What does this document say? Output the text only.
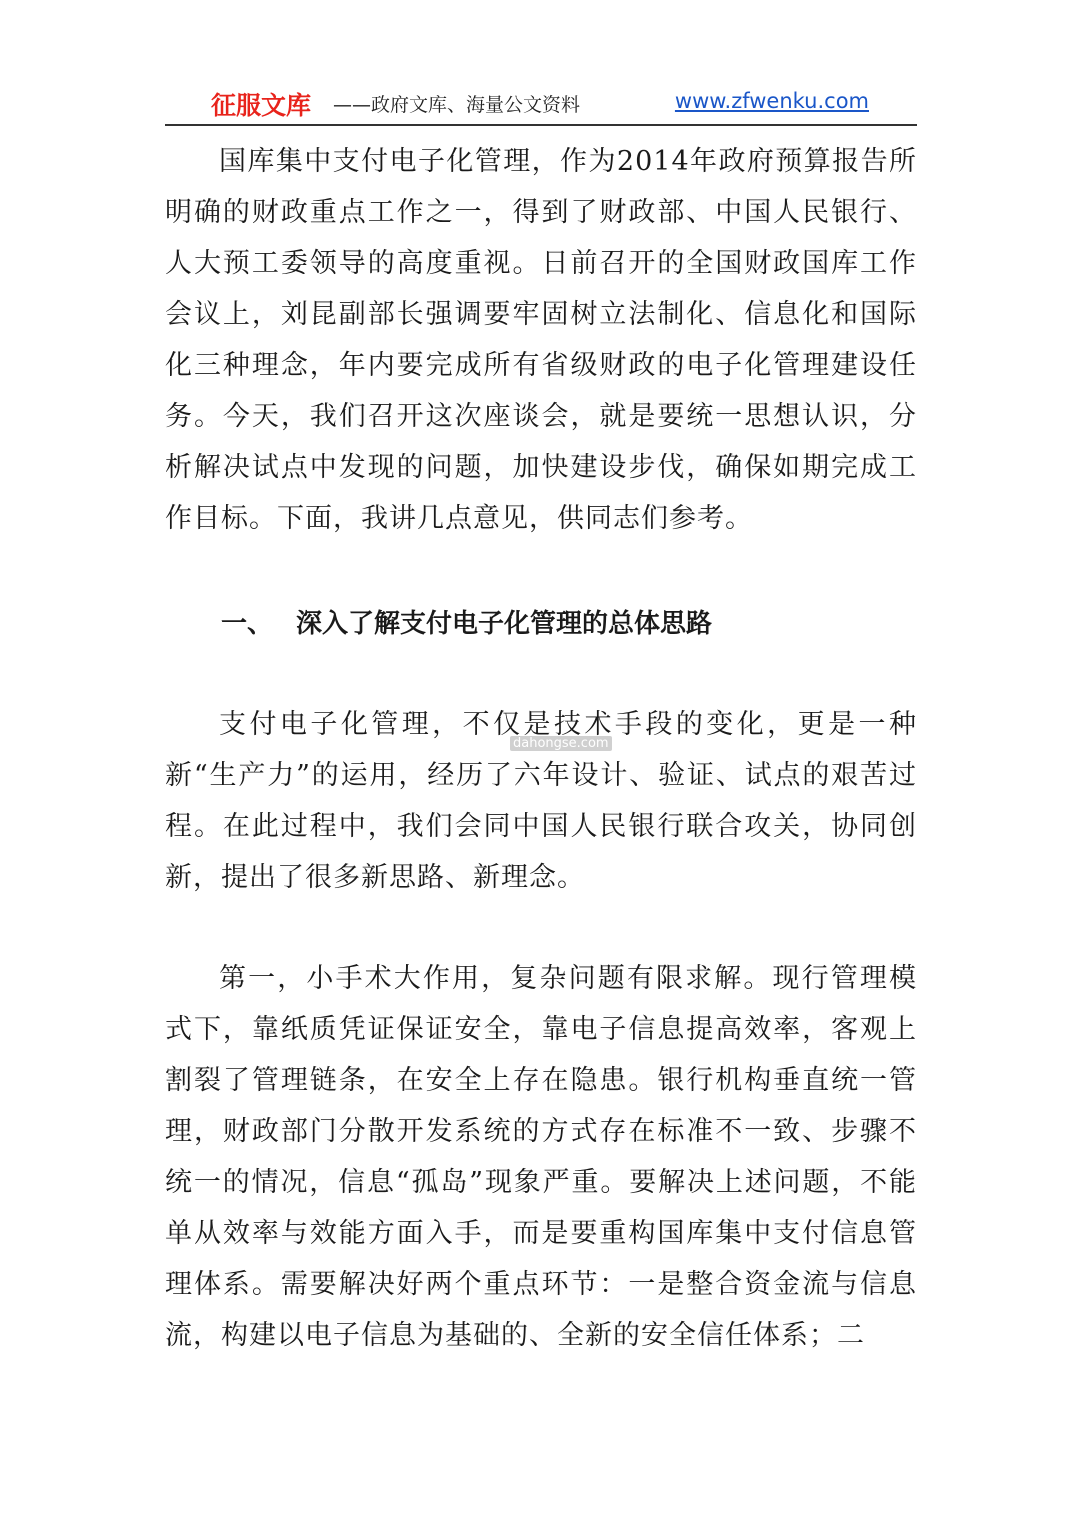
征服文库 ——政府文库、海量公文资料	www.zfwenku.com

国库集中支付电子化管理，作为2014年政府预算报告所明确的财政重点工作之一，得到了财政部、中国人民银行、人大预工委领导的高度重视。日前召开的全国财政国库工作会议上，刘昆副部长强调要牢固树立法制化、信息化和国际化三种理念，年内要完成所有省级财政的电子化管理建设任务。今天，我们召开这次座谈会，就是要统一思想认识，分析解决试点中发现的问题，加快建设步伐，确保如期完成工作目标。下面，我讲几点意见，供同志们参考。

一、 深入了解支付电子化管理的总体思路

支付电子化管理，不仅是技术手段的变化，更是一种新“生产力”的运用，经历了六年设计、验证、试点的艰苦过程。在此过程中，我们会同中国人民银行联合攻关，协同创新，提出了很多新思路、新理念。

第一，小手术大作用，复杂问题有限求解。现行管理模式下，靠纸质凭证保证安全，靠电子信息提高效率，客观上割裂了管理链条，在安全上存在隐患。银行机构垂直统一管理，财政部门分散开发系统的方式存在标准不一致、步骤不统一的情况，信息“孤岛”现象严重。要解决上述问题，不能单从效率与效能方面入手，而是要重构国库集中支付信息管理体系。需要解决好两个重点环节：一是整合资金流与信息流，构建以电子信息为基础的、全新的安全信任体系；二

dahongse.com
